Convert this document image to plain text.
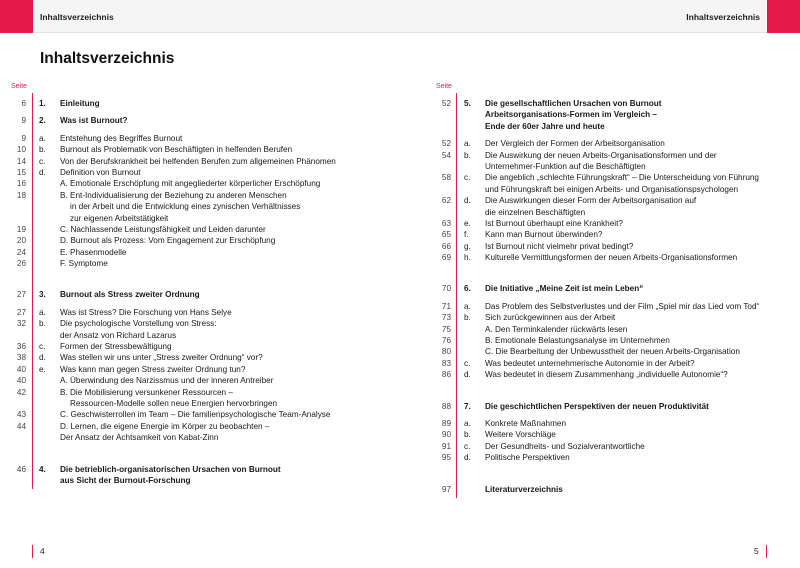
Inhaltsverzeichnis	Inhaltsverzeichnis
Inhaltsverzeichnis
Seite
6 1. Einleitung
9 2. Was ist Burnout?
9 a. Entstehung des Begriffes Burnout
10 b. Burnout als Problematik von Beschäftigten in helfenden Berufen
14 c. Von der Berufskrankheit bei helfenden Berufen zum allgemeinen Phänomen
15 d. Definition von Burnout
16	A. Emotionale Erschöpfung mit angegliederter körperlicher Erschöpfung
18	B. Ent-Individualisierung der Beziehung zu anderen Menschen
in der Arbeit und die Entwicklung eines zynischen Verhältnisses
zur eigenen Arbeitstätigkeit
19	C. Nachlassende Leistungsfähigkeit und Leiden darunter
20	D. Burnout als Prozess: Vom Engagement zur Erschöpfung
24	E. Phasenmodelle
26	F. Symptome
27 3. Burnout als Stress zweiter Ordnung
27 a. Was ist Stress? Die Forschung von Hans Selye
32 b. Die psychologische Vorstellung von Stress:
der Ansatz von Richard Lazarus
36 c. Formen der Stressbewältigung
38 d. Was stellen wir uns unter „Stress zweiter Ordnung“ vor?
40 e. Was kann man gegen Stress zweiter Ordnung tun?
40	A. Überwindung des Narzissmus und der inneren Antreiber
42	B. Die Mobilisierung versunkener Ressourcen –
Ressourcen-Modelle sollen neue Energien hervorbringen
43	C. Geschwisterrollen im Team – Die familienpsychologische Team-Analyse
44	D. Lernen, die eigene Energie im Körper zu beobachten –
Der Ansatz der Achtsamkeit von Kabat-Zinn
46 4. Die betrieblich-organisatorischen Ursachen von Burnout
aus Sicht der Burnout-Forschung
Seite
52 5. Die gesellschaftlichen Ursachen von Burnout
Arbeitsorganisations-Formen im Vergleich –
Ende der 60er Jahre und heute
52 a. Der Vergleich der Formen der Arbeitsorganisation
54 b. Die Auswirkung der neuen Arbeits-Organisationsformen und der
Unternehmer-Funktion auf die Beschäftigten
58 c. Die angeblich „schlechte Führungskraft“ – Die Unterscheidung von Führung
und Führungskraft bei einigen Arbeits- und Organisationspsychologen
62 d. Die Auswirkungen dieser Form der Arbeitsorganisation auf
die einzelnen Beschäftigten
63 e. Ist Burnout überhaupt eine Krankheit?
65 f. Kann man Burnout überwinden?
66 g. Ist Burnout nicht vielmehr privat bedingt?
69 h. Kulturelle Vermittlungsformen der neuen Arbeits-Organisationsformen
70 6. Die Initiative „Meine Zeit ist mein Leben“
71 a. Das Problem des Selbstverlustes und der Film „Spiel mir das Lied vom Tod“
73 b. Sich zurückgewinnen aus der Arbeit
75	A. Den Terminkalender rückwärts lesen
76	B. Emotionale Belastungsanalyse im Unternehmen
80	C. Die Bearbeitung der Unbewusstheit der neuen Arbeits-Organisation
83 c. Was bedeutet unternehmerische Autonomie in der Arbeit?
86 d. Was bedeutet in diesem Zusammenhang „individuelle Autonomie“?
88 7. Die geschichtlichen Perspektiven der neuen Produktivität
89 a. Konkrete Maßnahmen
90 b. Weitere Vorschläge
91 c. Der Gesundheits- und Sozialverantwortliche
95 d. Politische Perspektiven
97	Literaturverzeichnis
4	5
